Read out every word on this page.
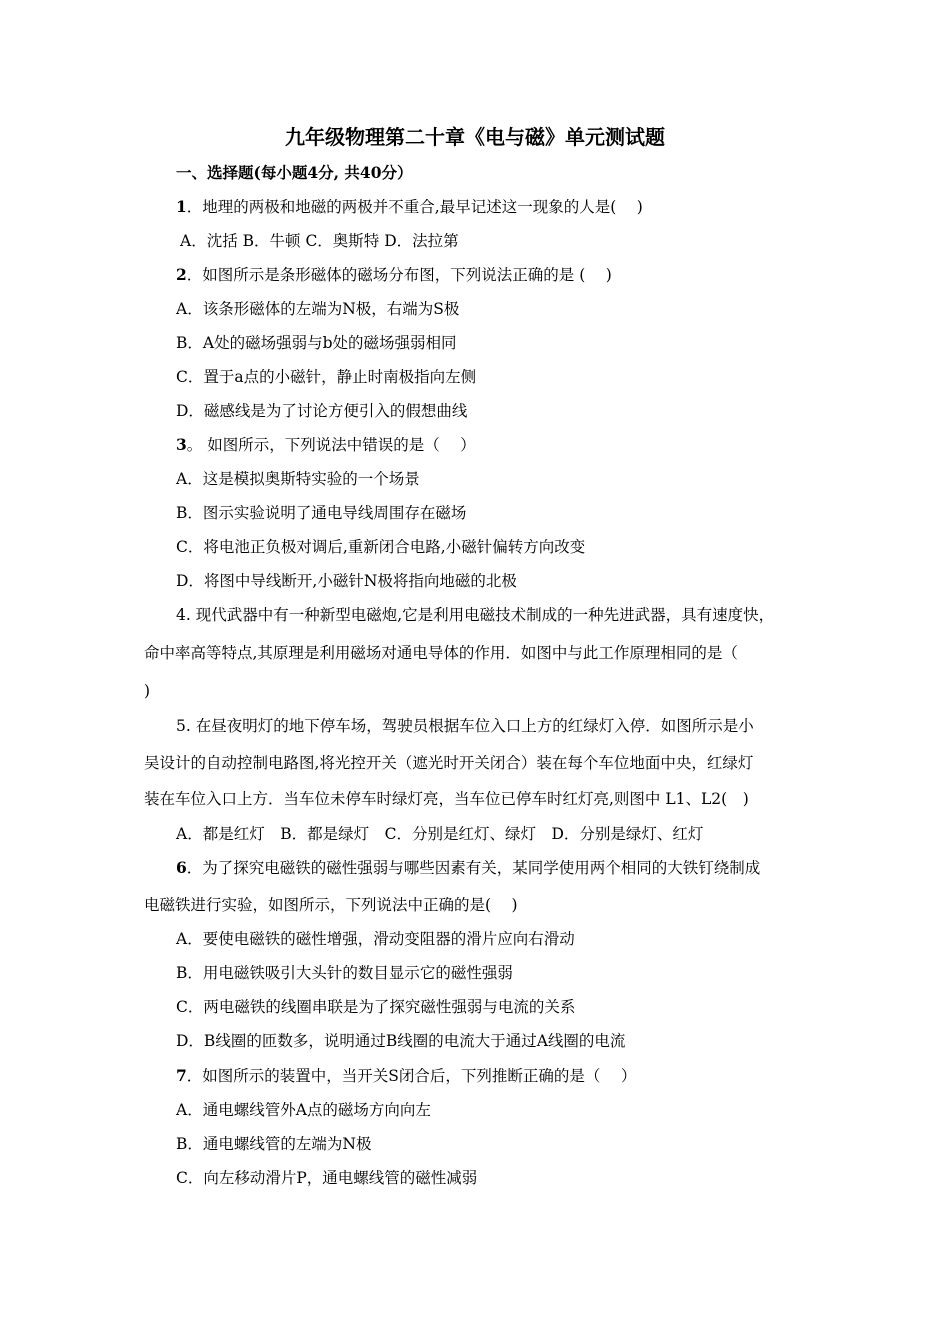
九年级物理第二十章《电与磁》单元测试题
一、选择题(每小题4分, 共40分）
1．地理的两极和地磁的两极并不重合,最早记述这一现象的人是(　 )
A．沈括 B．牛顿 C．奥斯特 D．法拉第
2．如图所示是条形磁体的磁场分布图，下列说法正确的是 (　 )
A．该条形磁体的左端为N极，右端为S极
B．A处的磁场强弱与b处的磁场强弱相同
C．置于a点的小磁针，静止时南极指向左侧
D．磁感线是为了讨论方便引入的假想曲线
3。 如图所示，下列说法中错误的是（　 ）
A．这是模拟奥斯特实验的一个场景
B．图示实验说明了通电导线周围存在磁场
C．将电池正负极对调后,重新闭合电路,小磁针偏转方向改变
D．将图中导线断开,小磁针N极将指向地磁的北极
4. 现代武器中有一种新型电磁炮,它是利用电磁技术制成的一种先进武器，具有速度快，
命中率高等特点,其原理是利用磁场对通电导体的作用．如图中与此工作原理相同的是（
)
5. 在昼夜明灯的地下停车场，驾驶员根据车位入口上方的红绿灯入停．如图所示是小
吴设计的自动控制电路图,将光控开关（遮光时开关闭合）装在每个车位地面中央，红绿灯
装在车位入口上方．当车位未停车时绿灯亮，当车位已停车时红灯亮,则图中 L1、L2(　)
A．都是红灯　B．都是绿灯　C．分别是红灯、绿灯　D．分别是绿灯、红灯
6．为了探究电磁铁的磁性强弱与哪些因素有关，某同学使用两个相同的大铁钉绕制成
电磁铁进行实验，如图所示，下列说法中正确的是(　 )
A．要使电磁铁的磁性增强，滑动变阻器的滑片应向右滑动
B．用电磁铁吸引大头针的数目显示它的磁性强弱
C．两电磁铁的线圈串联是为了探究磁性强弱与电流的关系
D．B线圈的匝数多，说明通过B线圈的电流大于通过A线圈的电流
7．如图所示的装置中，当开关S闭合后，下列推断正确的是（　 ）
A．通电螺线管外A点的磁场方向向左
B．通电螺线管的左端为N极
C．向左移动滑片P，通电螺线管的磁性减弱
